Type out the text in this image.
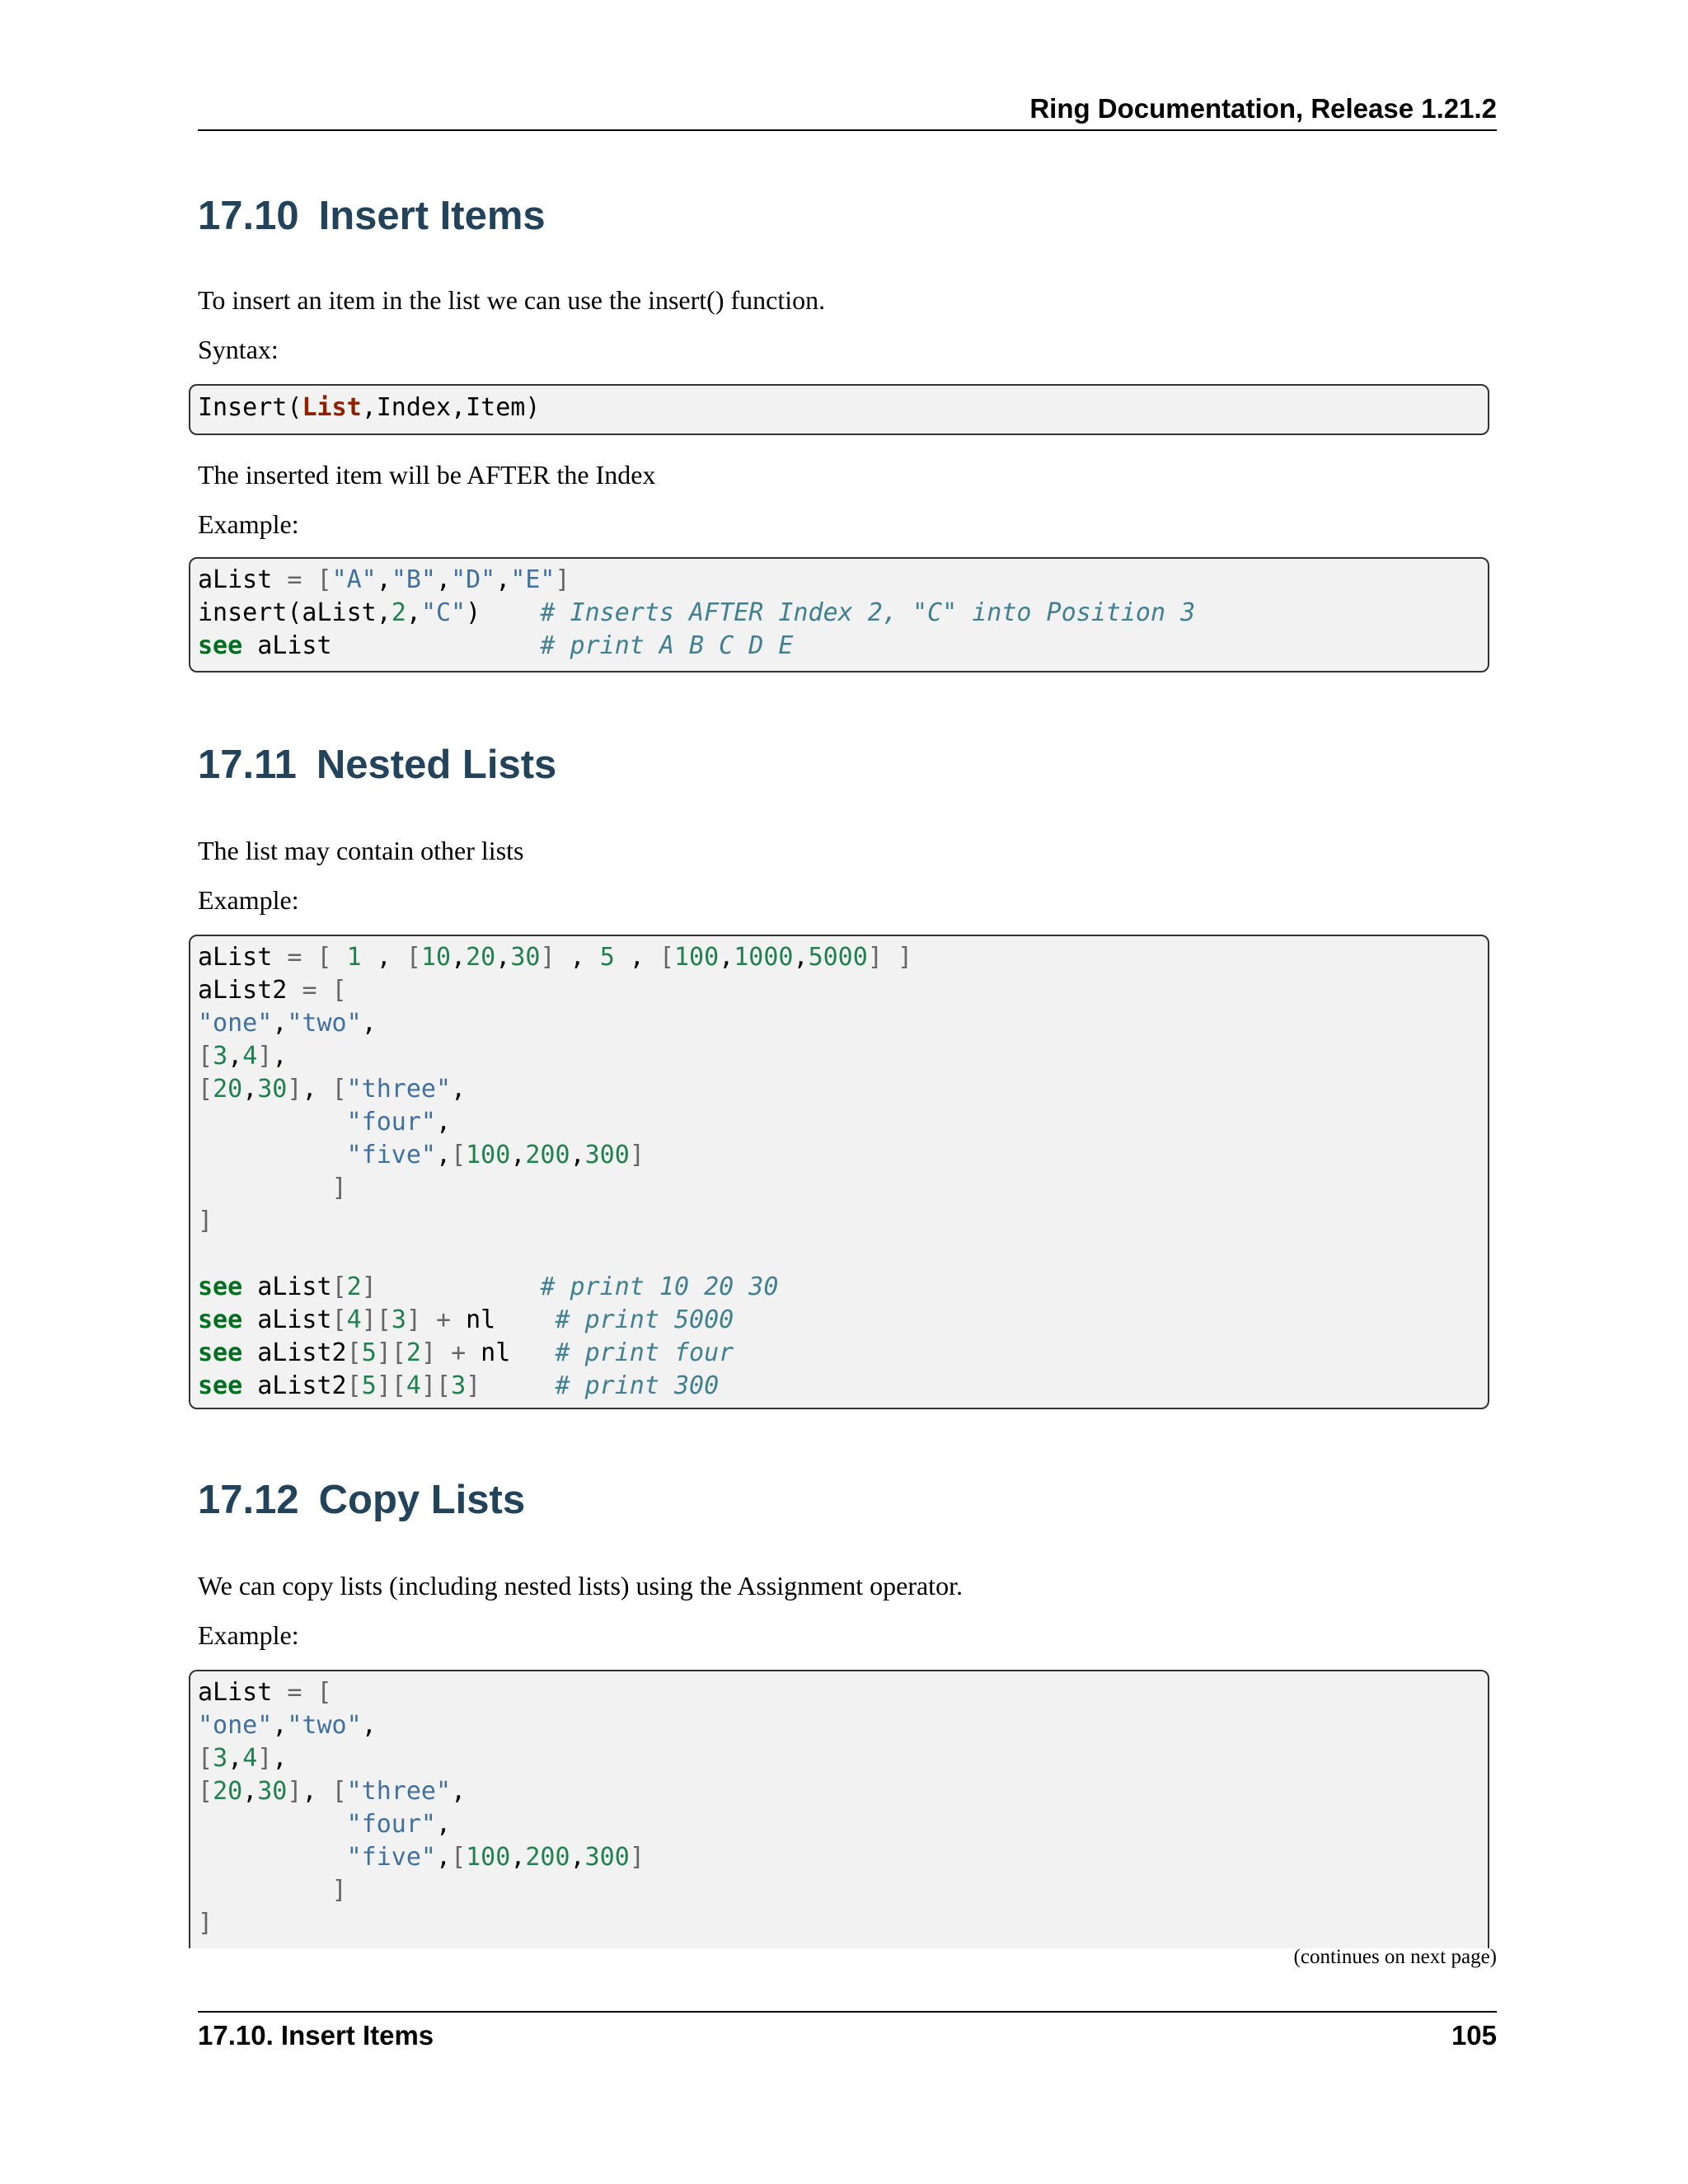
Ring Documentation, Release 1.21.2
17.10 Insert Items

To insert an item in the list we can use the insert() function.

Syntax:

Insert(List,Index,Item)

The inserted item will be AFTER the Index

Example:

aList = ["A","B","D","E"]
insert(aList,2,"C")    # Inserts AFTER Index 2, "C" into Position 3
see aList              # print A B C D E
17.11 Nested Lists

The list may contain other lists

Example:

aList = [ 1 , [10,20,30] , 5 , [100,1000,5000] ]
aList2 = [
"one","two",
[3,4],
[20,30], ["three",
"four",
"five",[100,200,300]
]
]

see aList[2]	# print 10 20 30
see aList[4][3] + nl    # print 5000
see aList2[5][2] + nl   # print four
see aList2[5][4][3]	# print 300
17.12 Copy Lists

We can copy lists (including nested lists) using the Assignment operator.

Example:

aList = [
"one","two",
[3,4],
[20,30], ["three",
"four",
"five",[100,200,300]
]
]
(continues on next page)
17.10. Insert Items	105
